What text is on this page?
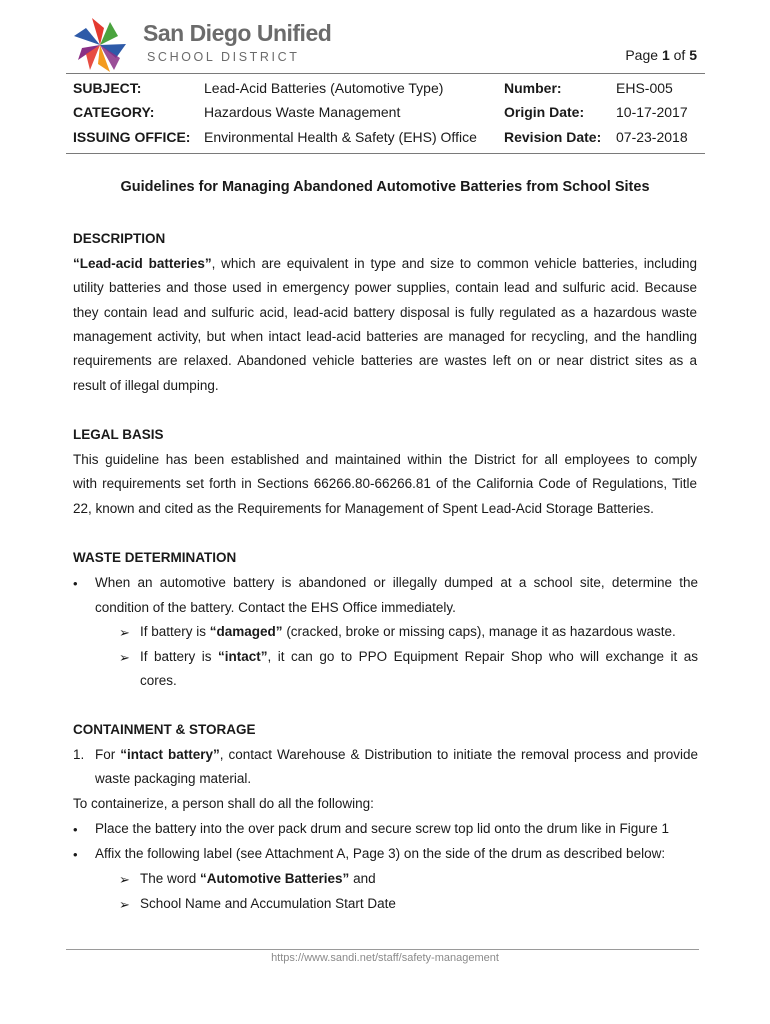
San Diego Unified
SCHOOL DISTRICT	Page 1 of 5
SUBJECT:	Lead-Acid Batteries (Automotive Type)	Number:	EHS-005
CATEGORY:	Hazardous Waste Management	Origin Date: 10-17-2017
ISSUING OFFICE: Environmental Health & Safety (EHS) Office Revision Date: 07-23-2018
Guidelines for Managing Abandoned Automotive Batteries from School Sites
DESCRIPTION
“Lead-acid batteries”, which are equivalent in type and size to common vehicle batteries, including
utility batteries and those used in emergency power supplies, contain lead and sulfuric acid. Because
they contain lead and sulfuric acid, lead-acid battery disposal is fully regulated as a hazardous waste
management activity, but when intact lead-acid batteries are managed for recycling, and the handling
requirements are relaxed. Abandoned vehicle batteries are wastes left on or near district sites as a
result of illegal dumping.
LEGAL BASIS
This guideline has been established and maintained within the District for all employees to comply
with requirements set forth in Sections 66266.80-66266.81 of the California Code of Regulations, Title
22, known and cited as the Requirements for Management of Spent Lead-Acid Storage Batteries.
WASTE DETERMINATION
• When an automotive battery is abandoned or illegally dumped at a school site, determine the
condition of the battery. Contact the EHS Office immediately.
➢ If battery is “damaged” (cracked, broke or missing caps), manage it as hazardous waste.
➢ If battery is “intact”, it can go to PPO Equipment Repair Shop who will exchange it as
cores.
CONTAINMENT & STORAGE
1. For “intact battery”, contact Warehouse & Distribution to initiate the removal process and provide
waste packaging material.
To containerize, a person shall do all the following:
• Place the battery into the over pack drum and secure screw top lid onto the drum like in Figure 1
• Affix the following label (see Attachment A, Page 3) on the side of the drum as described below:
➢ The word “Automotive Batteries” and
➢ School Name and Accumulation Start Date
https://www.sandi.net/staff/safety-management
